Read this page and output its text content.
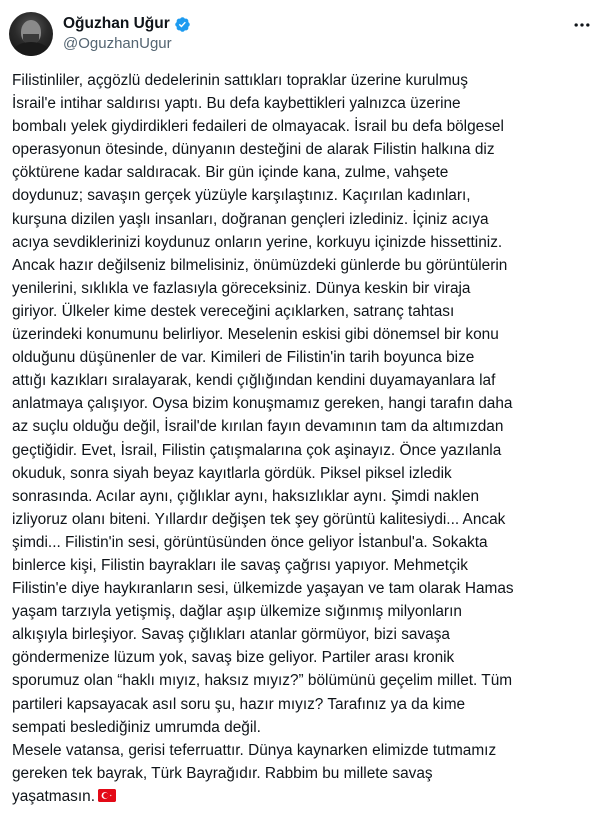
Oğuzhan Uğur
@OguzhanUgur
Filistinliler, açgözlü dedelerinin sattıkları topraklar üzerine kurulmuş
İsrail'e intihar saldırısı yaptı. Bu defa kaybettikleri yalnızca üzerine
bombalı yelek giydirdikleri fedaileri de olmayacak. İsrail bu defa bölgesel
operasyonun ötesinde, dünyanın desteğini de alarak Filistin halkına diz
çöktürene kadar saldıracak. Bir gün içinde kana, zulme, vahşete
doydunuz; savaşın gerçek yüzüyle karşılaştınız. Kaçırılan kadınları,
kurşuna dizilen yaşlı insanları, doğranan gençleri izlediniz. İçiniz acıya
acıya sevdiklerinizi koydunuz onların yerine, korkuyu içinizde hissettiniz.
Ancak hazır değilseniz bilmelisiniz, önümüzdeki günlerde bu görüntülerin
yenilerini, sıklıkla ve fazlasıyla göreceksiniz. Dünya keskin bir viraja
giriyor. Ülkeler kime destek vereceğini açıklarken, satranç tahtası
üzerindeki konumunu belirliyor. Meselenin eskisi gibi dönemsel bir konu
olduğunu düşünenler de var. Kimileri de Filistin'in tarih boyunca bize
attığı kazıkları sıralayarak, kendi çığlığından kendini duyamayanlara laf
anlatmaya çalışıyor. Oysa bizim konuşmamız gereken, hangi tarafın daha
az suçlu olduğu değil, İsrail'de kırılan fayın devamının tam da altımızdan
geçtiğidir. Evet, İsrail, Filistin çatışmalarına çok aşinayız. Önce yazılanla
okuduk, sonra siyah beyaz kayıtlarla gördük. Piksel piksel izledik
sonrasında. Acılar aynı, çığlıklar aynı, haksızlıklar aynı. Şimdi naklen
izliyoruz olanı biteni. Yıllardır değişen tek şey görüntü kalitesiydi... Ancak
şimdi... Filistin'in sesi, görüntüsünden önce geliyor İstanbul'a. Sokakta
binlerce kişi, Filistin bayrakları ile savaş çağrısı yapıyor. Mehmetçik
Filistin'e diye haykıranların sesi, ülkemizde yaşayan ve tam olarak Hamas
yaşam tarzıyla yetişmiş, dağlar aşıp ülkemize sığınmış milyonların
alkışıyla birleşiyor. Savaş çığlıkları atanlar görmüyor, bizi savaşa
göndermenize lüzum yok, savaş bize geliyor. Partiler arası kronik
sporumuz olan “haklı mıyız, haksız mıyız?” bölümünü geçelim millet. Tüm
partileri kapsayacak asıl soru şu, hazır mıyız? Tarafınız ya da kime
sempati beslediğiniz umrumda değil.
Mesele vatansa, gerisi teferruattır. Dünya kaynarken elimizde tutmamız
gereken tek bayrak, Türk Bayrağıdır. Rabbim bu millete savaş
yaşatmasın.
